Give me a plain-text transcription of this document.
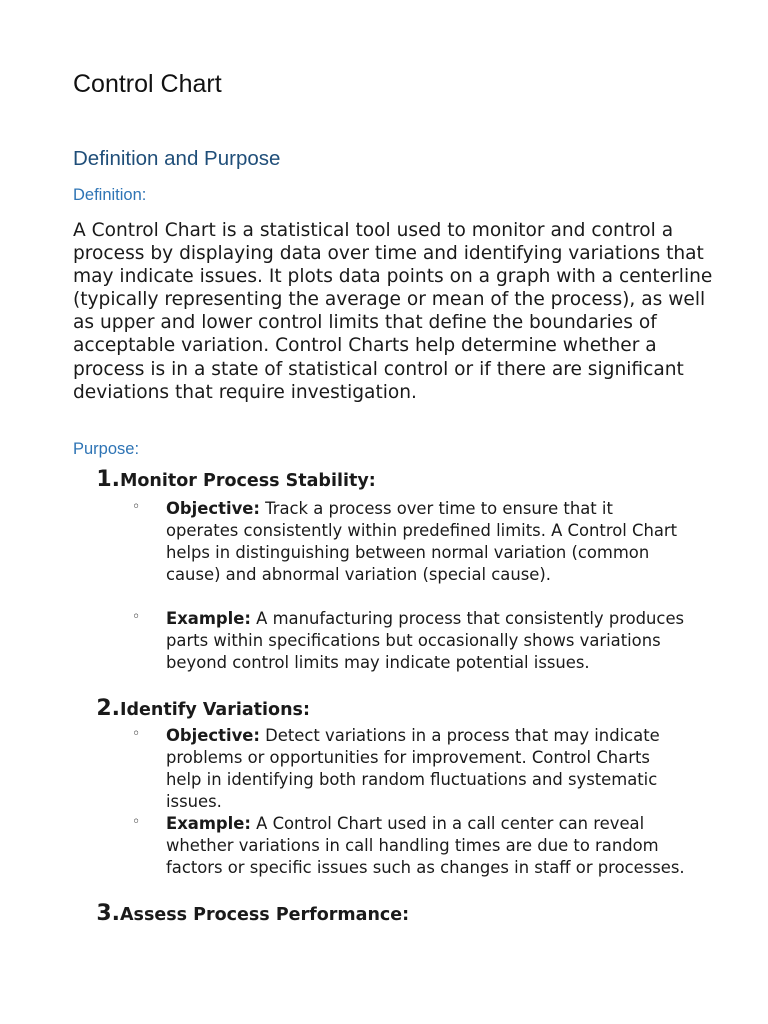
Control Chart
Definition and Purpose
Definition:

A Control Chart is a statistical tool used to monitor and control a process by displaying data over time and identifying variations that may indicate issues. It plots data points on a graph with a centerline (typically representing the average or mean of the process), as well as upper and lower control limits that define the boundaries of acceptable variation. Control Charts help determine whether a process is in a state of statistical control or if there are significant deviations that require investigation.

Purpose:
1. Monitor Process Stability:
◦ Objective: Track a process over time to ensure that it operates consistently within predefined limits. A Control Chart helps in distinguishing between normal variation (common cause) and abnormal variation (special cause).
◦ Example: A manufacturing process that consistently produces parts within specifications but occasionally shows variations beyond control limits may indicate potential issues.
2. Identify Variations:
◦ Objective: Detect variations in a process that may indicate problems or opportunities for improvement. Control Charts help in identifying both random fluctuations and systematic issues.
◦ Example: A Control Chart used in a call center can reveal whether variations in call handling times are due to random factors or specific issues such as changes in staff or processes.
3. Assess Process Performance:
